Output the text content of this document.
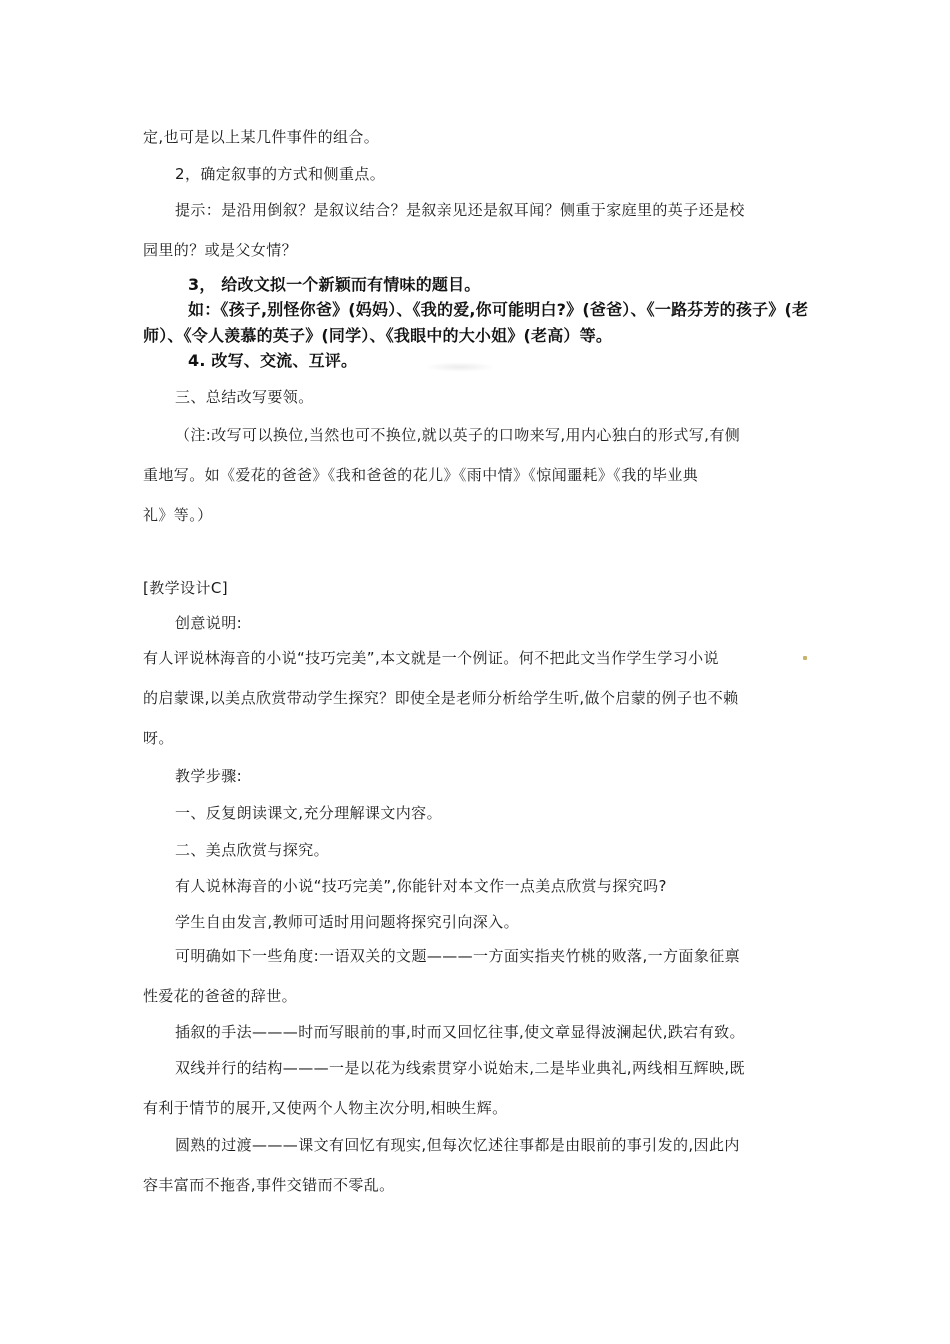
定,也可是以上某几件事件的组合。
2，确定叙事的方式和侧重点。
提示：是沿用倒叙？是叙议结合？是叙亲见还是叙耳闻？侧重于家庭里的英子还是校
园里的？或是父女情？
3， 给改文拟一个新颖而有情味的题目。
如：《孩子,别怪你爸》(妈妈）、《我的爱,你可能明白?》(爸爸）、《一路芬芳的孩子》(老
师）、《令人羡慕的英子》(同学）、《我眼中的大小姐》(老高）等。
4. 改写、交流、互评。
三、总结改写要领。
（注:改写可以换位,当然也可不换位,就以英子的口吻来写,用内心独白的形式写,有侧
重地写。如《爱花的爸爸》《我和爸爸的花儿》《雨中情》《惊闻噩耗》《我的毕业典
礼》等。）
[教学设计C]
创意说明:
有人评说林海音的小说“技巧完美”,本文就是一个例证。何不把此文当作学生学习小说
的启蒙课,以美点欣赏带动学生探究？即使全是老师分析给学生听,做个启蒙的例子也不赖
呀。
教学步骤:
一、反复朗读课文,充分理解课文内容。
二、美点欣赏与探究。
有人说林海音的小说“技巧完美”,你能针对本文作一点美点欣赏与探究吗?
学生自由发言,教师可适时用问题将探究引向深入。
可明确如下一些角度:一语双关的文题———一方面实指夹竹桃的败落,一方面象征禀
性爱花的爸爸的辞世。
插叙的手法———时而写眼前的事,时而又回忆往事,使文章显得波澜起伏,跌宕有致。
双线并行的结构———一是以花为线索贯穿小说始末,二是毕业典礼,两线相互辉映,既
有利于情节的展开,又使两个人物主次分明,相映生辉。
圆熟的过渡———课文有回忆有现实,但每次忆述往事都是由眼前的事引发的,因此内
容丰富而不拖沓,事件交错而不零乱。
